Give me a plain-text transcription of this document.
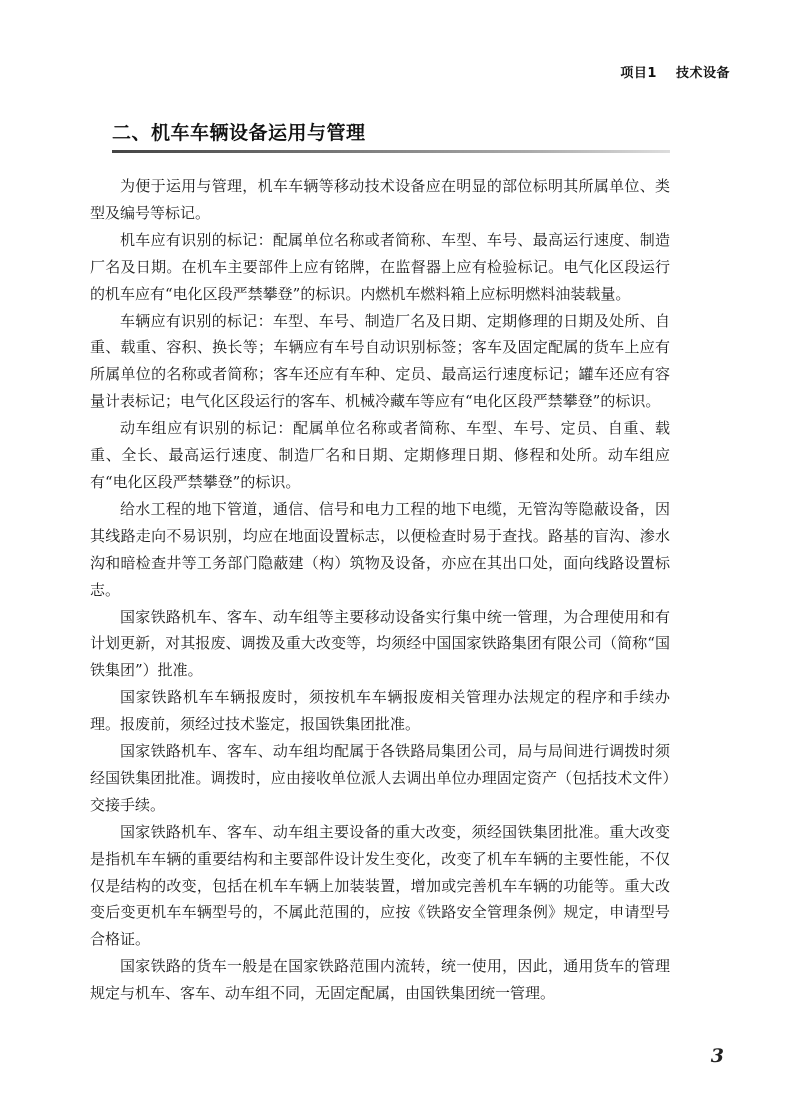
项目1 技术设备
二、机车车辆设备运用与管理

为便于运用与管理，机车车辆等移动技术设备应在明显的部位标明其所属单位、类型及编号等标记。

机车应有识别的标记：配属单位名称或者简称、车型、车号、最高运行速度、制造厂名及日期。在机车主要部件上应有铭牌，在监督器上应有检验标记。电气化区段运行的机车应有“电化区段严禁攀登”的标识。内燃机车燃料箱上应标明燃料油装载量。

车辆应有识别的标记：车型、车号、制造厂名及日期、定期修理的日期及处所、自重、载重、容积、换长等；车辆应有车号自动识别标签；客车及固定配属的货车上应有所属单位的名称或者简称；客车还应有车种、定员、最高运行速度标记；罐车还应有容量计表标记；电气化区段运行的客车、机械冷藏车等应有“电化区段严禁攀登”的标识。

动车组应有识别的标记：配属单位名称或者简称、车型、车号、定员、自重、载重、全长、最高运行速度、制造厂名和日期、定期修理日期、修程和处所。动车组应有“电化区段严禁攀登”的标识。

给水工程的地下管道，通信、信号和电力工程的地下电缆，无管沟等隐蔽设备，因其线路走向不易识别，均应在地面设置标志，以便检查时易于查找。路基的盲沟、渗水沟和暗检查井等工务部门隐蔽建（构）筑物及设备，亦应在其出口处，面向线路设置标志。

国家铁路机车、客车、动车组等主要移动设备实行集中统一管理，为合理使用和有计划更新，对其报废、调拨及重大改变等，均须经中国国家铁路集团有限公司（简称“国铁集团”）批准。

国家铁路机车车辆报废时，须按机车车辆报废相关管理办法规定的程序和手续办理。报废前，须经过技术鉴定，报国铁集团批准。

国家铁路机车、客车、动车组均配属于各铁路局集团公司，局与局间进行调拨时须经国铁集团批准。调拨时，应由接收单位派人去调出单位办理固定资产（包括技术文件）交接手续。

国家铁路机车、客车、动车组主要设备的重大改变，须经国铁集团批准。重大改变是指机车车辆的重要结构和主要部件设计发生变化，改变了机车车辆的主要性能，不仅仅是结构的改变，包括在机车车辆上加装装置，增加或完善机车车辆的功能等。重大改变后变更机车车辆型号的，不属此范围的，应按《铁路安全管理条例》规定，申请型号合格证。

国家铁路的货车一般是在国家铁路范围内流转，统一使用，因此，通用货车的管理规定与机车、客车、动车组不同，无固定配属，由国铁集团统一管理。

3
